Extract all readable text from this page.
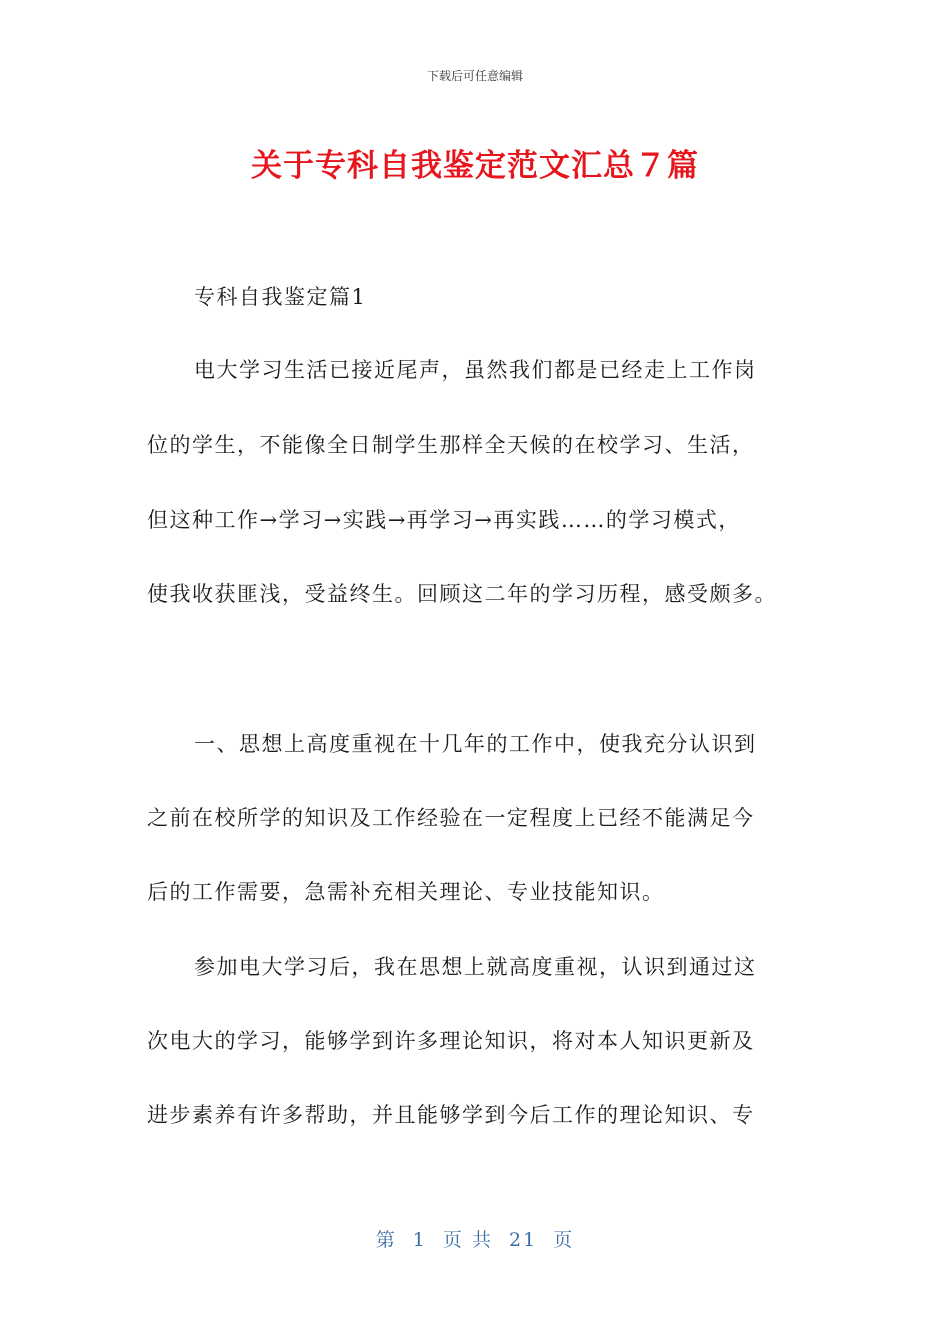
下载后可任意编辑
关于专科自我鉴定范文汇总７篇

专科自我鉴定篇1

电大学习生活已接近尾声，虽然我们都是已经走上工作岗

位的学生，不能像全日制学生那样全天候的在校学习、生活，

但这种工作→学习→实践→再学习→再实践……的学习模式，

使我收获匪浅，受益终生。回顾这二年的学习历程，感受颇多。

一、思想上高度重视在十几年的工作中，使我充分认识到

之前在校所学的知识及工作经验在一定程度上已经不能满足今

后的工作需要，急需补充相关理论、专业技能知识。

参加电大学习后，我在思想上就高度重视，认识到通过这

次电大的学习，能够学到许多理论知识，将对本人知识更新及

进步素养有许多帮助，并且能够学到今后工作的理论知识、专

第 1 页 共 21 页
